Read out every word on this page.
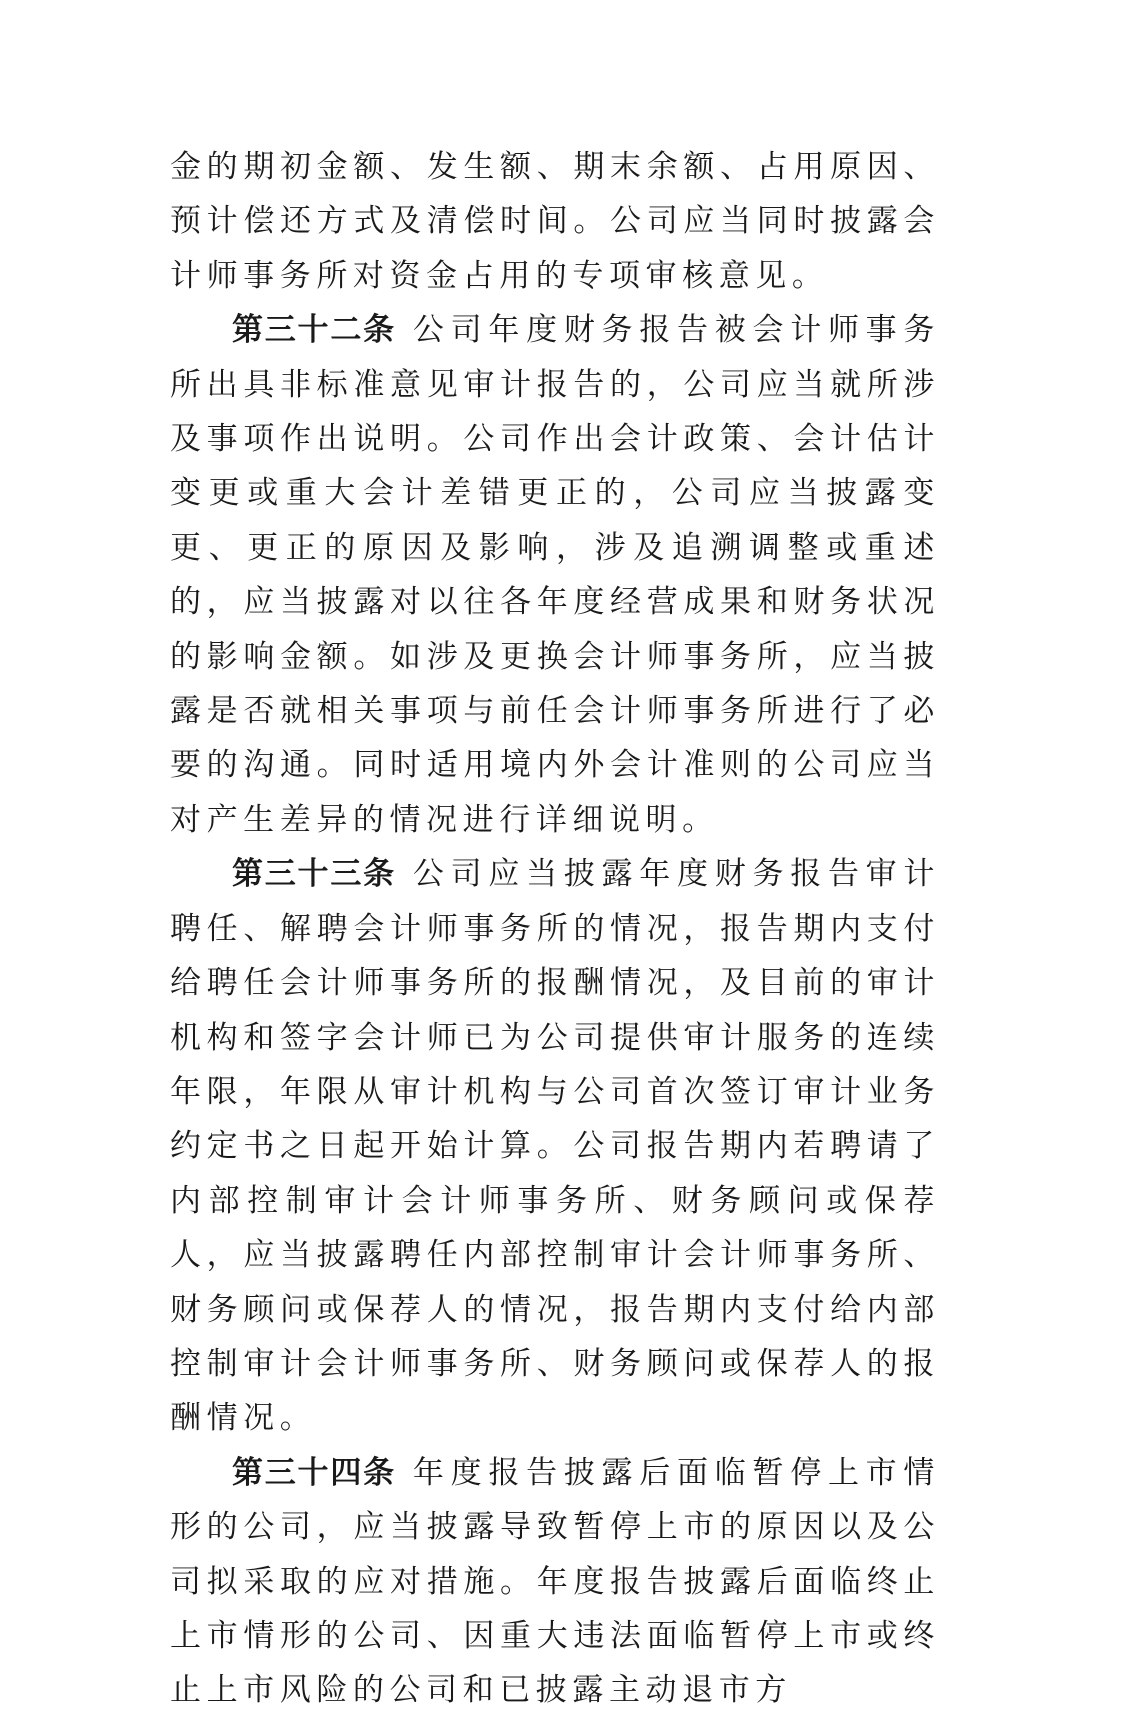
金的期初金额、发生额、期末余额、占用原因、预计偿还方式及清偿时间。公司应当同时披露会计师事务所对资金占用的专项审核意见。

第三十二条 公司年度财务报告被会计师事务所出具非标准意见审计报告的，公司应当就所涉及事项作出说明。公司作出会计政策、会计估计变更或重大会计差错更正的，公司应当披露变更、更正的原因及影响，涉及追溯调整或重述的，应当披露对以往各年度经营成果和财务状况的影响金额。如涉及更换会计师事务所，应当披露是否就相关事项与前任会计师事务所进行了必要的沟通。同时适用境内外会计准则的公司应当对产生差异的情况进行详细说明。

第三十三条 公司应当披露年度财务报告审计聘任、解聘会计师事务所的情况，报告期内支付给聘任会计师事务所的报酬情况，及目前的审计机构和签字会计师已为公司提供审计服务的连续年限，年限从审计机构与公司首次签订审计业务约定书之日起开始计算。公司报告期内若聘请了内部控制审计会计师事务所、财务顾问或保荐人，应当披露聘任内部控制审计会计师事务所、财务顾问或保荐人的情况，报告期内支付给内部控制审计会计师事务所、财务顾问或保荐人的报酬情况。

第三十四条 年度报告披露后面临暂停上市情形的公司，应当披露导致暂停上市的原因以及公司拟采取的应对措施。年度报告披露后面临终止上市情形的公司、因重大违法面临暂停上市或终止上市风险的公司和已披露主动退市方
